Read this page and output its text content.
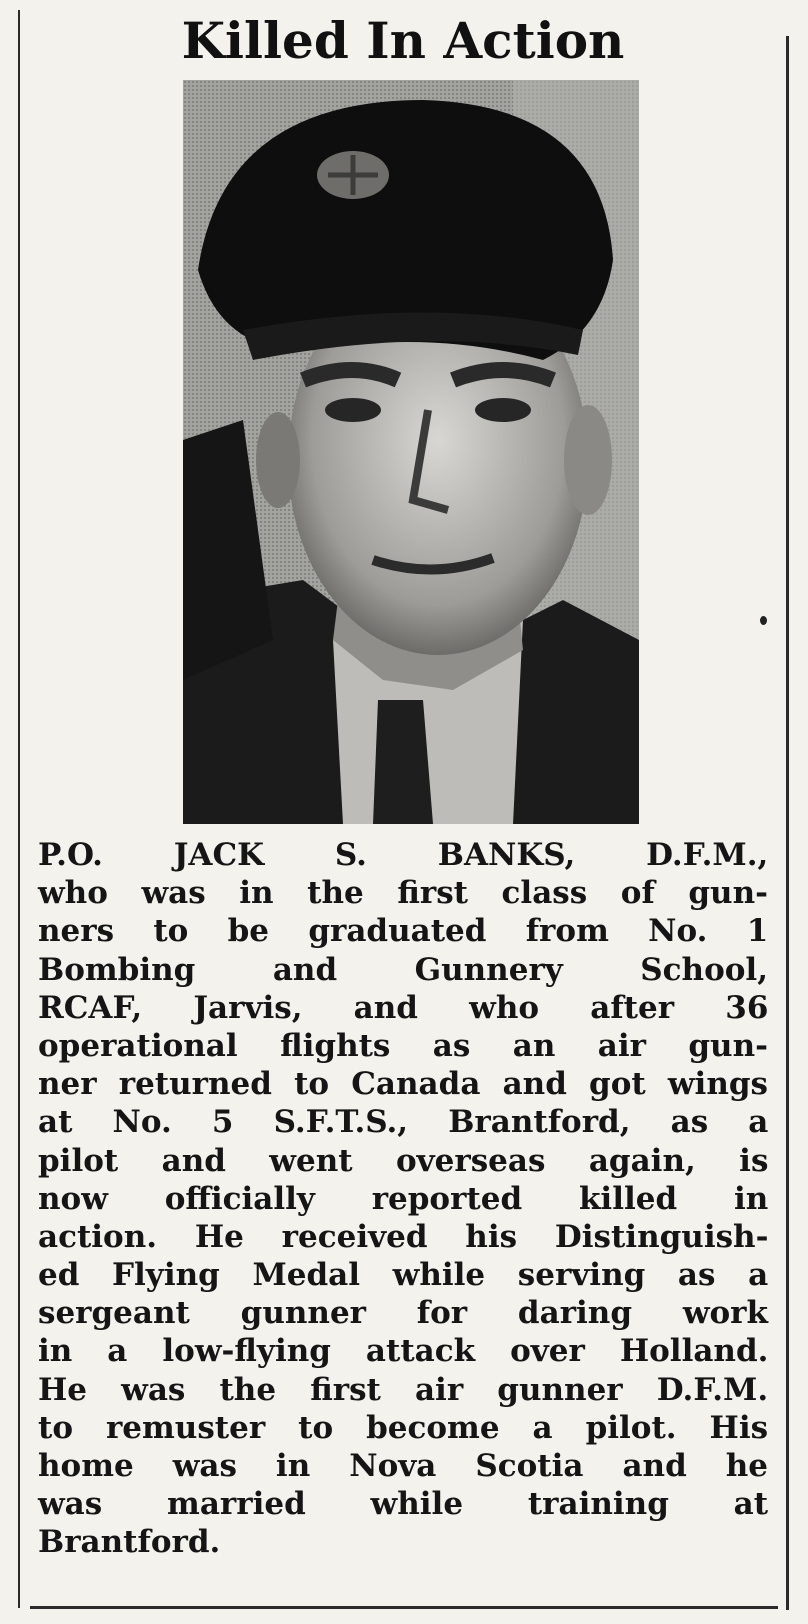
Killed In Action
P.O. JACK S. BANKS, D.F.M.,
who was in the first class of gun-
ners to be graduated from No. 1
Bombing and Gunnery School,
RCAF, Jarvis, and who after 36
operational flights as an air gun-
ner returned to Canada and got wings
at No. 5 S.F.T.S., Brantford, as a
pilot and went overseas again, is
now officially reported killed in
action. He received his Distinguish-
ed Flying Medal while serving as a
sergeant gunner for daring work
in a low-flying attack over Holland.
He was the first air gunner D.F.M.
to remuster to become a pilot. His
home was in Nova Scotia and he
was married while training at
Brantford.
